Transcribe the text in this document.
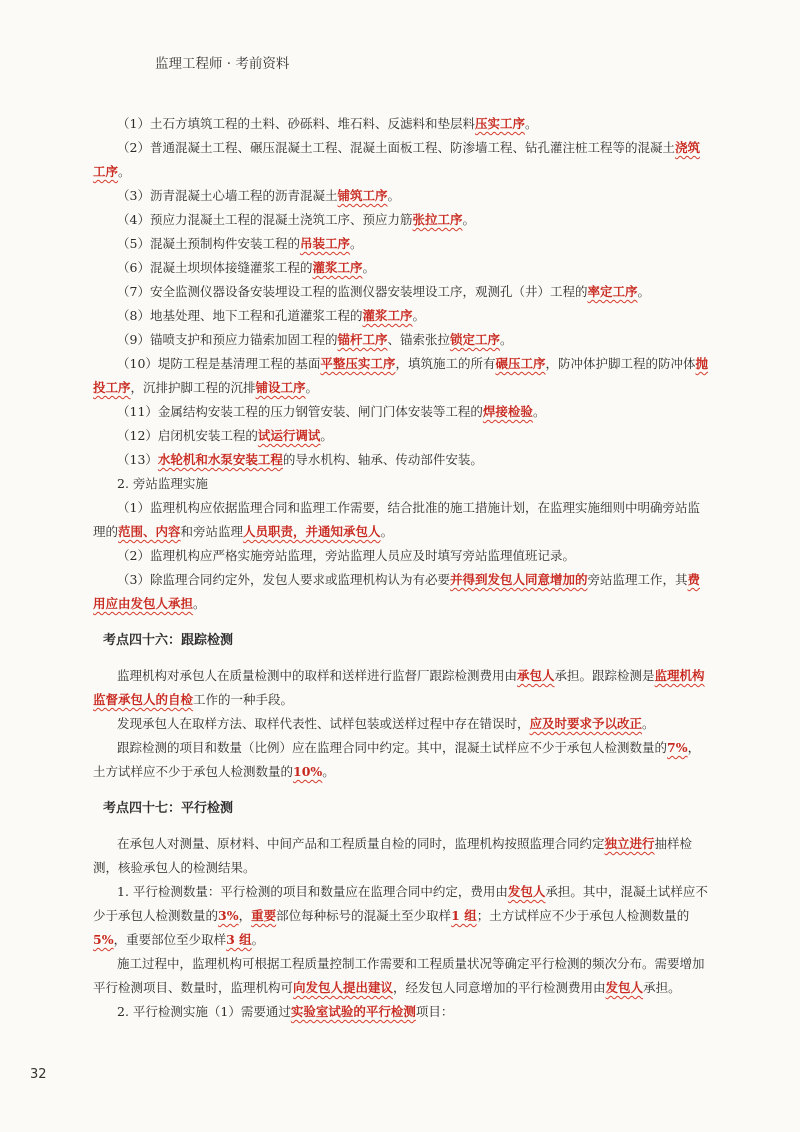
监理工程师 · 考前资料
（1）土石方填筑工程的土料、砂砾料、堆石料、反滤料和垫层料压实工序。
（2）普通混凝土工程、碾压混凝土工程、混凝土面板工程、防渗墙工程、钻孔灌注桩工程等的混凝土浇筑工序。
（3）沥青混凝土心墙工程的沥青混凝土铺筑工序。
（4）预应力混凝土工程的混凝土浇筑工序、预应力筋张拉工序。
（5）混凝土预制构件安装工程的吊装工序。
（6）混凝土坝坝体接缝灌浆工程的灌浆工序。
（7）安全监测仪器设备安装埋设工程的监测仪器安装埋设工序，观测孔（井）工程的率定工序。
（8）地基处理、地下工程和孔道灌浆工程的灌浆工序。
（9）锚喷支护和预应力锚索加固工程的锚杆工序、锚索张拉锁定工序。
（10）堤防工程是基清理工程的基面平整压实工序，填筑施工的所有碾压工序，防冲体护脚工程的防冲体抛投工序，沉排护脚工程的沉排铺设工序。
（11）金属结构安装工程的压力钢管安装、闸门门体安装等工程的焊接检验。
（12）启闭机安装工程的试运行调试。
（13）水轮机和水泵安装工程的导水机构、轴承、传动部件安装。
2. 旁站监理实施
（1）监理机构应依据监理合同和监理工作需要，结合批准的施工措施计划，在监理实施细则中明确旁站监理的范围、内容和旁站监理人员职责，并通知承包人。
（2）监理机构应严格实施旁站监理，旁站监理人员应及时填写旁站监理值班记录。
（3）除监理合同约定外，发包人要求或监理机构认为有必要并得到发包人同意增加的旁站监理工作，其费用应由发包人承担。
考点四十六：跟踪检测
监理机构对承包人在质量检测中的取样和送样进行监督厂跟踪检测费用由承包人承担。跟踪检测是监理机构监督承包人的自检工作的一种手段。
发现承包人在取样方法、取样代表性、试样包装或送样过程中存在错误时，应及时要求予以改正。
跟踪检测的项目和数量（比例）应在监理合同中约定。其中，混凝土试样应不少于承包人检测数量的7%，土方试样应不少于承包人检测数量的10%。
考点四十七：平行检测
在承包人对测量、原材料、中间产品和工程质量自检的同时，监理机构按照监理合同约定独立进行抽样检测，核验承包人的检测结果。
1. 平行检测数量：平行检测的项目和数量应在监理合同中约定，费用由发包人承担。其中，混凝土试样应不少于承包人检测数量的3%，重要部位每种标号的混凝土至少取样1 组；土方试样应不少于承包人检测数量的5%，重要部位至少取样3 组。
施工过程中，监理机构可根据工程质量控制工作需要和工程质量状况等确定平行检测的频次分布。需要增加平行检测项目、数量时，监理机构可向发包人提出建议，经发包人同意增加的平行检测费用由发包人承担。
2. 平行检测实施（1）需要通过实验室试验的平行检测项目：
32
